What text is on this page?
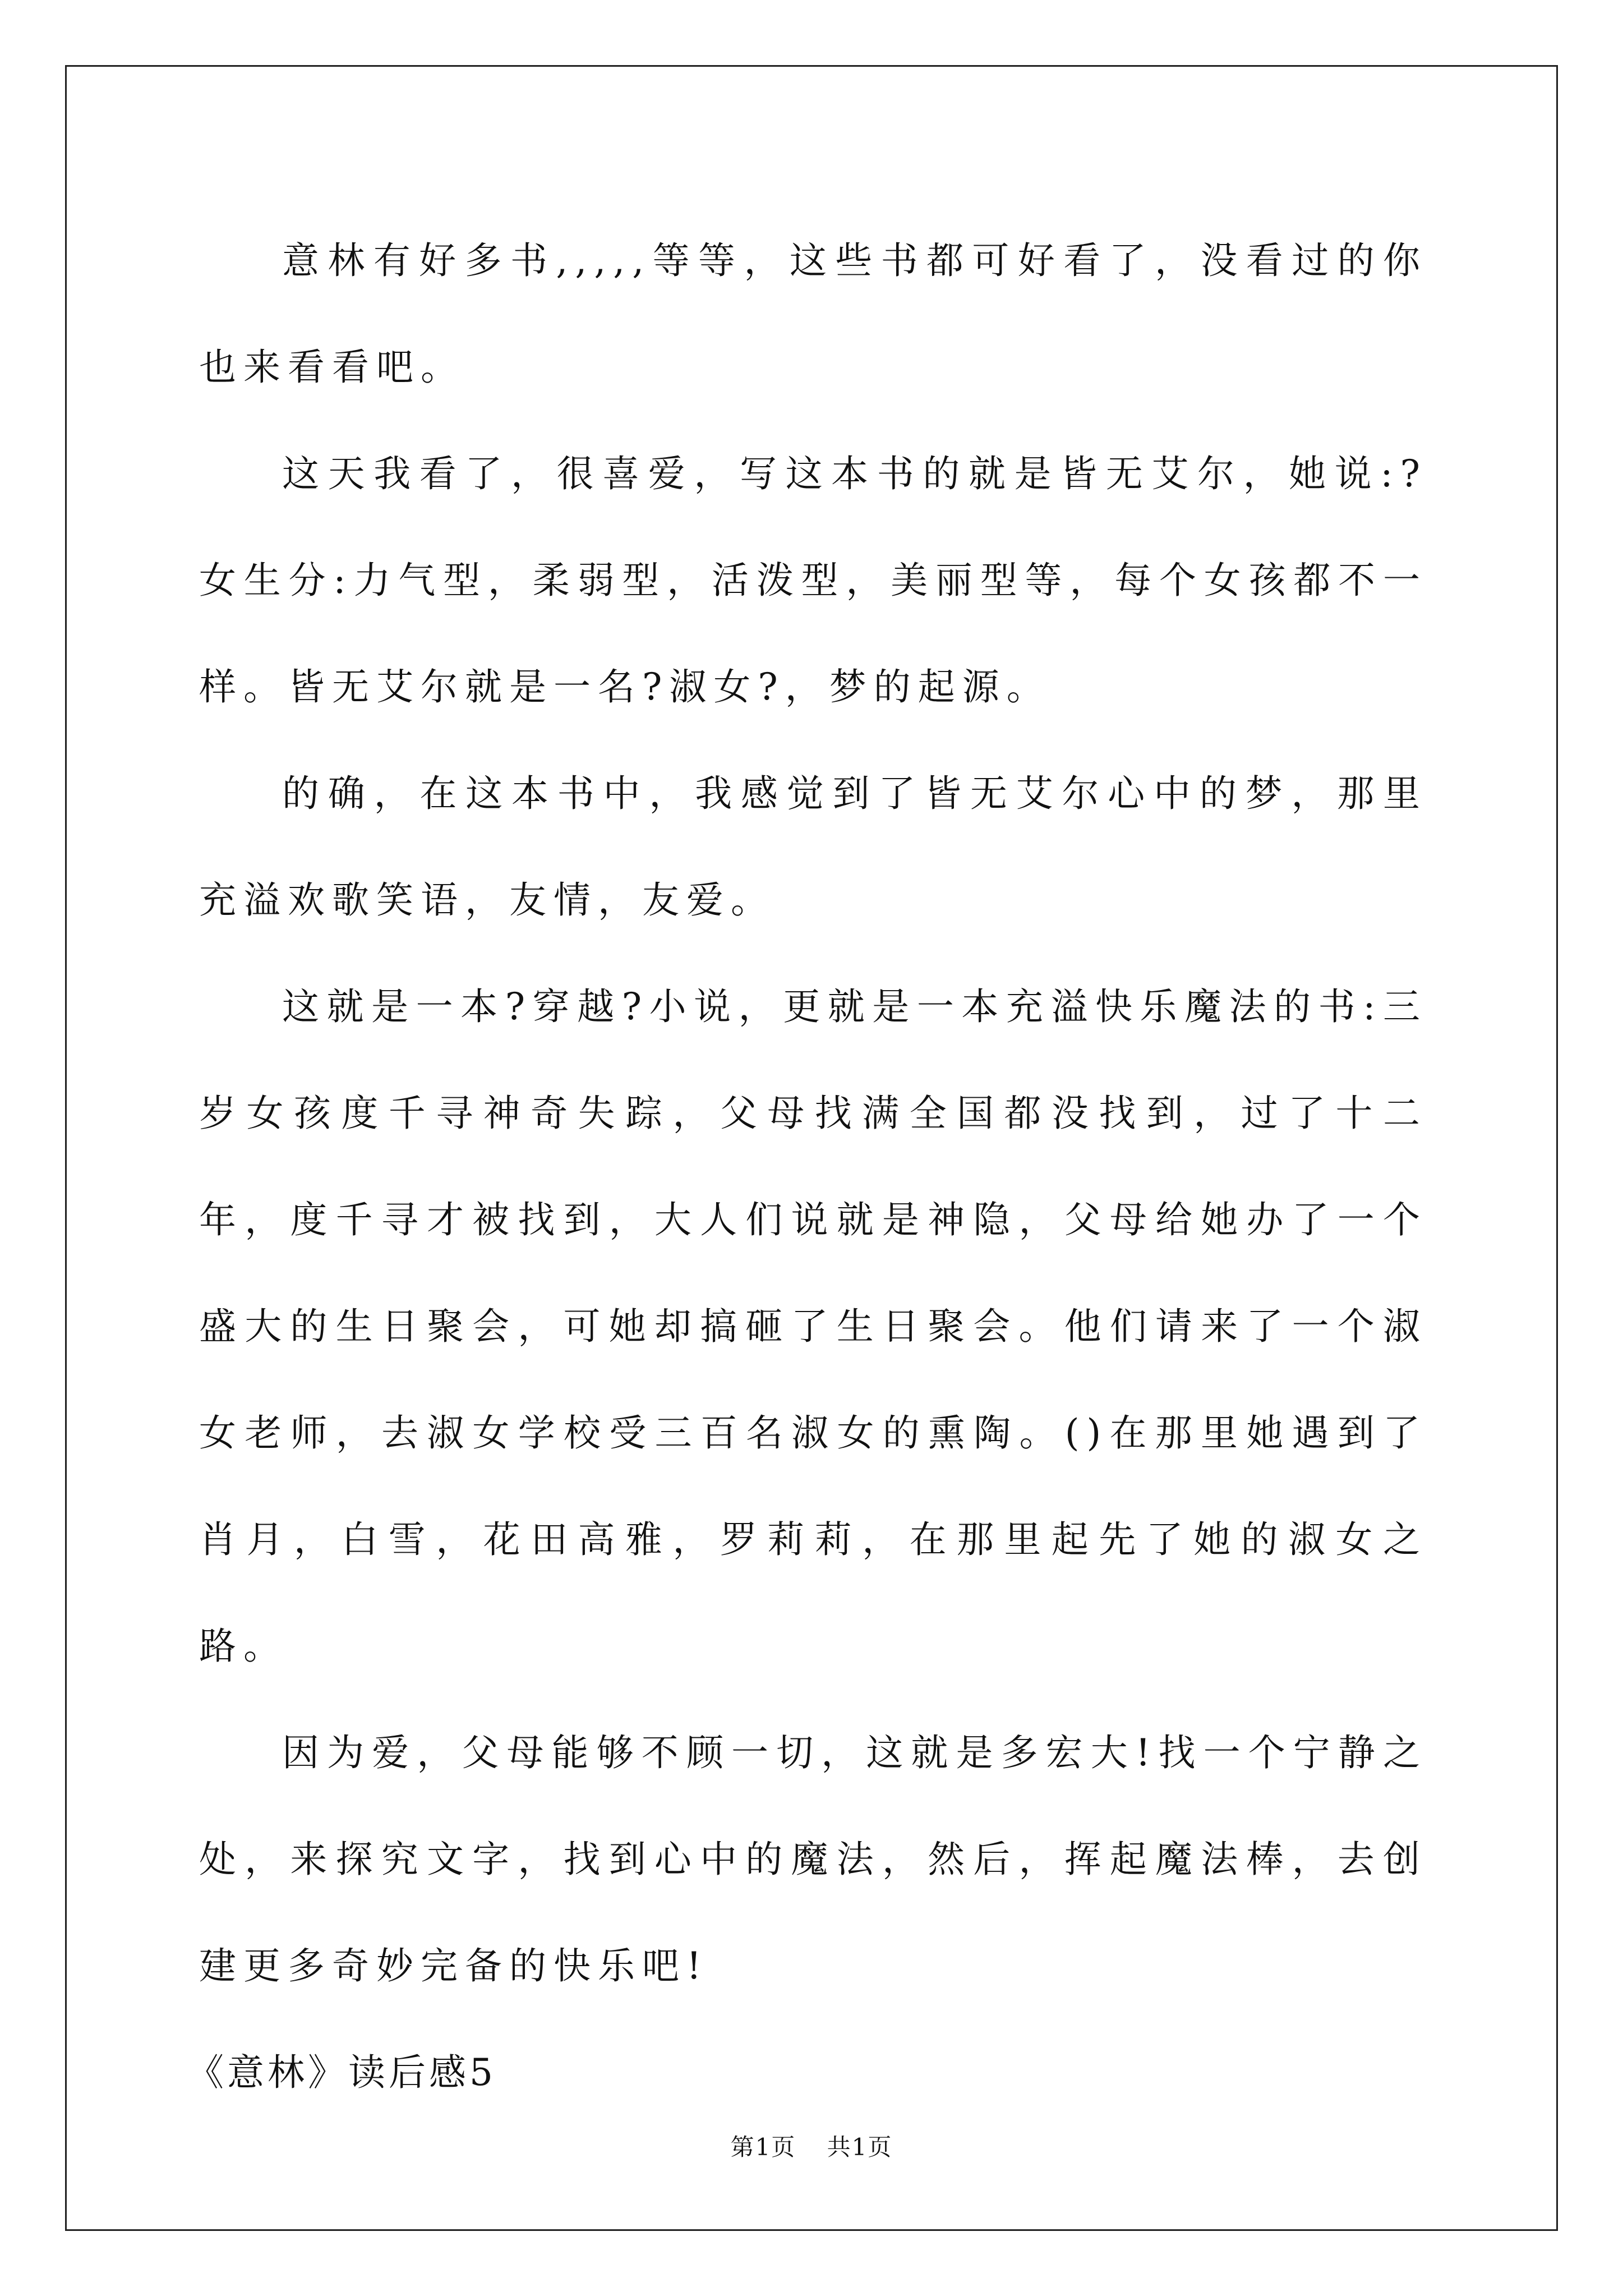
意林有好多书,,,,,等等，这些书都可好看了，没看过的你也来看看吧。

这天我看了，很喜爱，写这本书的就是皆无艾尔，她说:?女生分:力气型，柔弱型，活泼型，美丽型等，每个女孩都不一样。皆无艾尔就是一名?淑女?，梦的起源。

的确，在这本书中，我感觉到了皆无艾尔心中的梦，那里充溢欢歌笑语，友情，友爱。

这就是一本?穿越?小说，更就是一本充溢快乐魔法的书:三岁女孩度千寻神奇失踪，父母找满全国都没找到，过了十二年，度千寻才被找到，大人们说就是神隐，父母给她办了一个盛大的生日聚会，可她却搞砸了生日聚会。他们请来了一个淑女老师，去淑女学校受三百名淑女的熏陶。()在那里她遇到了肖月，白雪，花田高雅，罗莉莉，在那里起先了她的淑女之路。

因为爱，父母能够不顾一切，这就是多宏大!找一个宁静之处，来探究文字，找到心中的魔法，然后，挥起魔法棒，去创建更多奇妙完备的快乐吧!

《意林》读后感5

第1页 共1页
